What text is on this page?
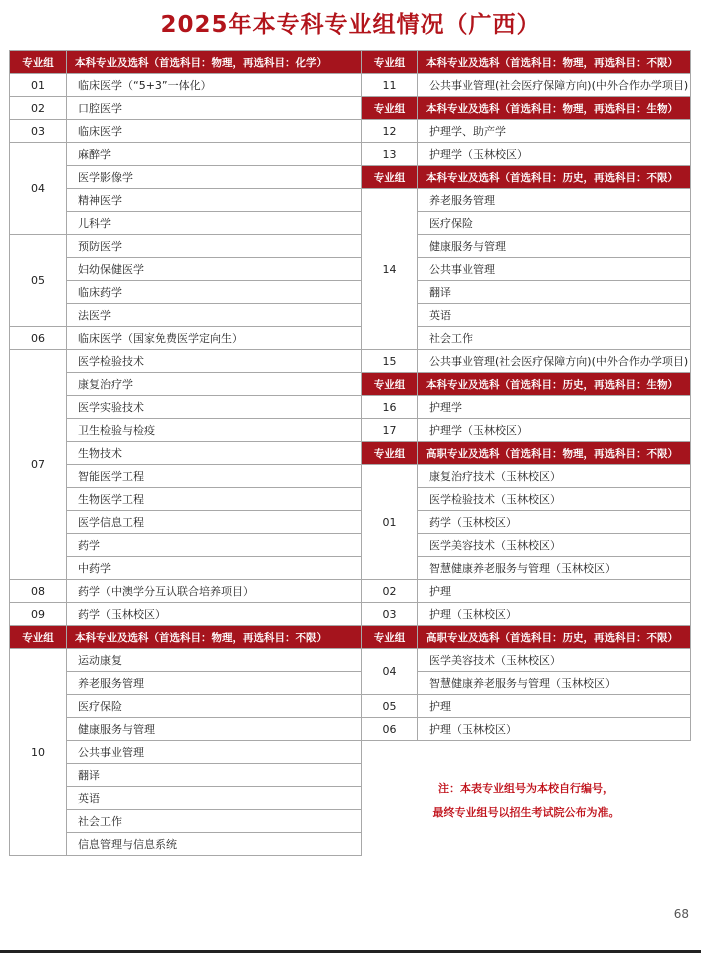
2025年本专科专业组情况（广西）
专业组	本科专业及选科（首选科目：物理，再选科目：化学）
01	临床医学（“5+3”一体化）
02	口腔医学
03	临床医学
04	麻醉学
	医学影像学
	精神医学
	儿科学
05	预防医学
	妇幼保健医学
	临床药学
	法医学
06	临床医学（国家免费医学定向生）
07	医学检验技术
	康复治疗学
	医学实验技术
	卫生检验与检疫
	生物技术
	智能医学工程
	生物医学工程
	医学信息工程
	药学
	中药学
08	药学（中澳学分互认联合培养项目）
09	药学（玉林校区）
专业组	本科专业及选科（首选科目：物理，再选科目：不限）
10	运动康复
	养老服务管理
	医疗保险
	健康服务与管理
	公共事业管理
	翻译
	英语
	社会工作
	信息管理与信息系统
专业组	本科专业及选科（首选科目：物理，再选科目：不限）
11	公共事业管理(社会医疗保障方向)(中外合作办学项目)
专业组	本科专业及选科（首选科目：物理，再选科目：生物）
12	护理学、助产学
13	护理学（玉林校区）
专业组	本科专业及选科（首选科目：历史，再选科目：不限）
14	养老服务管理
	医疗保险
	健康服务与管理
	公共事业管理
	翻译
	英语
	社会工作
15	公共事业管理(社会医疗保障方向)(中外合作办学项目)
专业组	本科专业及选科（首选科目：历史，再选科目：生物）
16	护理学
17	护理学（玉林校区）
专业组	高职专业及选科（首选科目：物理，再选科目：不限）
01	康复治疗技术（玉林校区）
	医学检验技术（玉林校区）
	药学（玉林校区）
	医学美容技术（玉林校区）
	智慧健康养老服务与管理（玉林校区）
02	护理
03	护理（玉林校区）
专业组	高职专业及选科（首选科目：历史，再选科目：不限）
04	医学美容技术（玉林校区）
	智慧健康养老服务与管理（玉林校区）
05	护理
06	护理（玉林校区）

注：本表专业组号为本校自行编号，
最终专业组号以招生考试院公布为准。	
68
